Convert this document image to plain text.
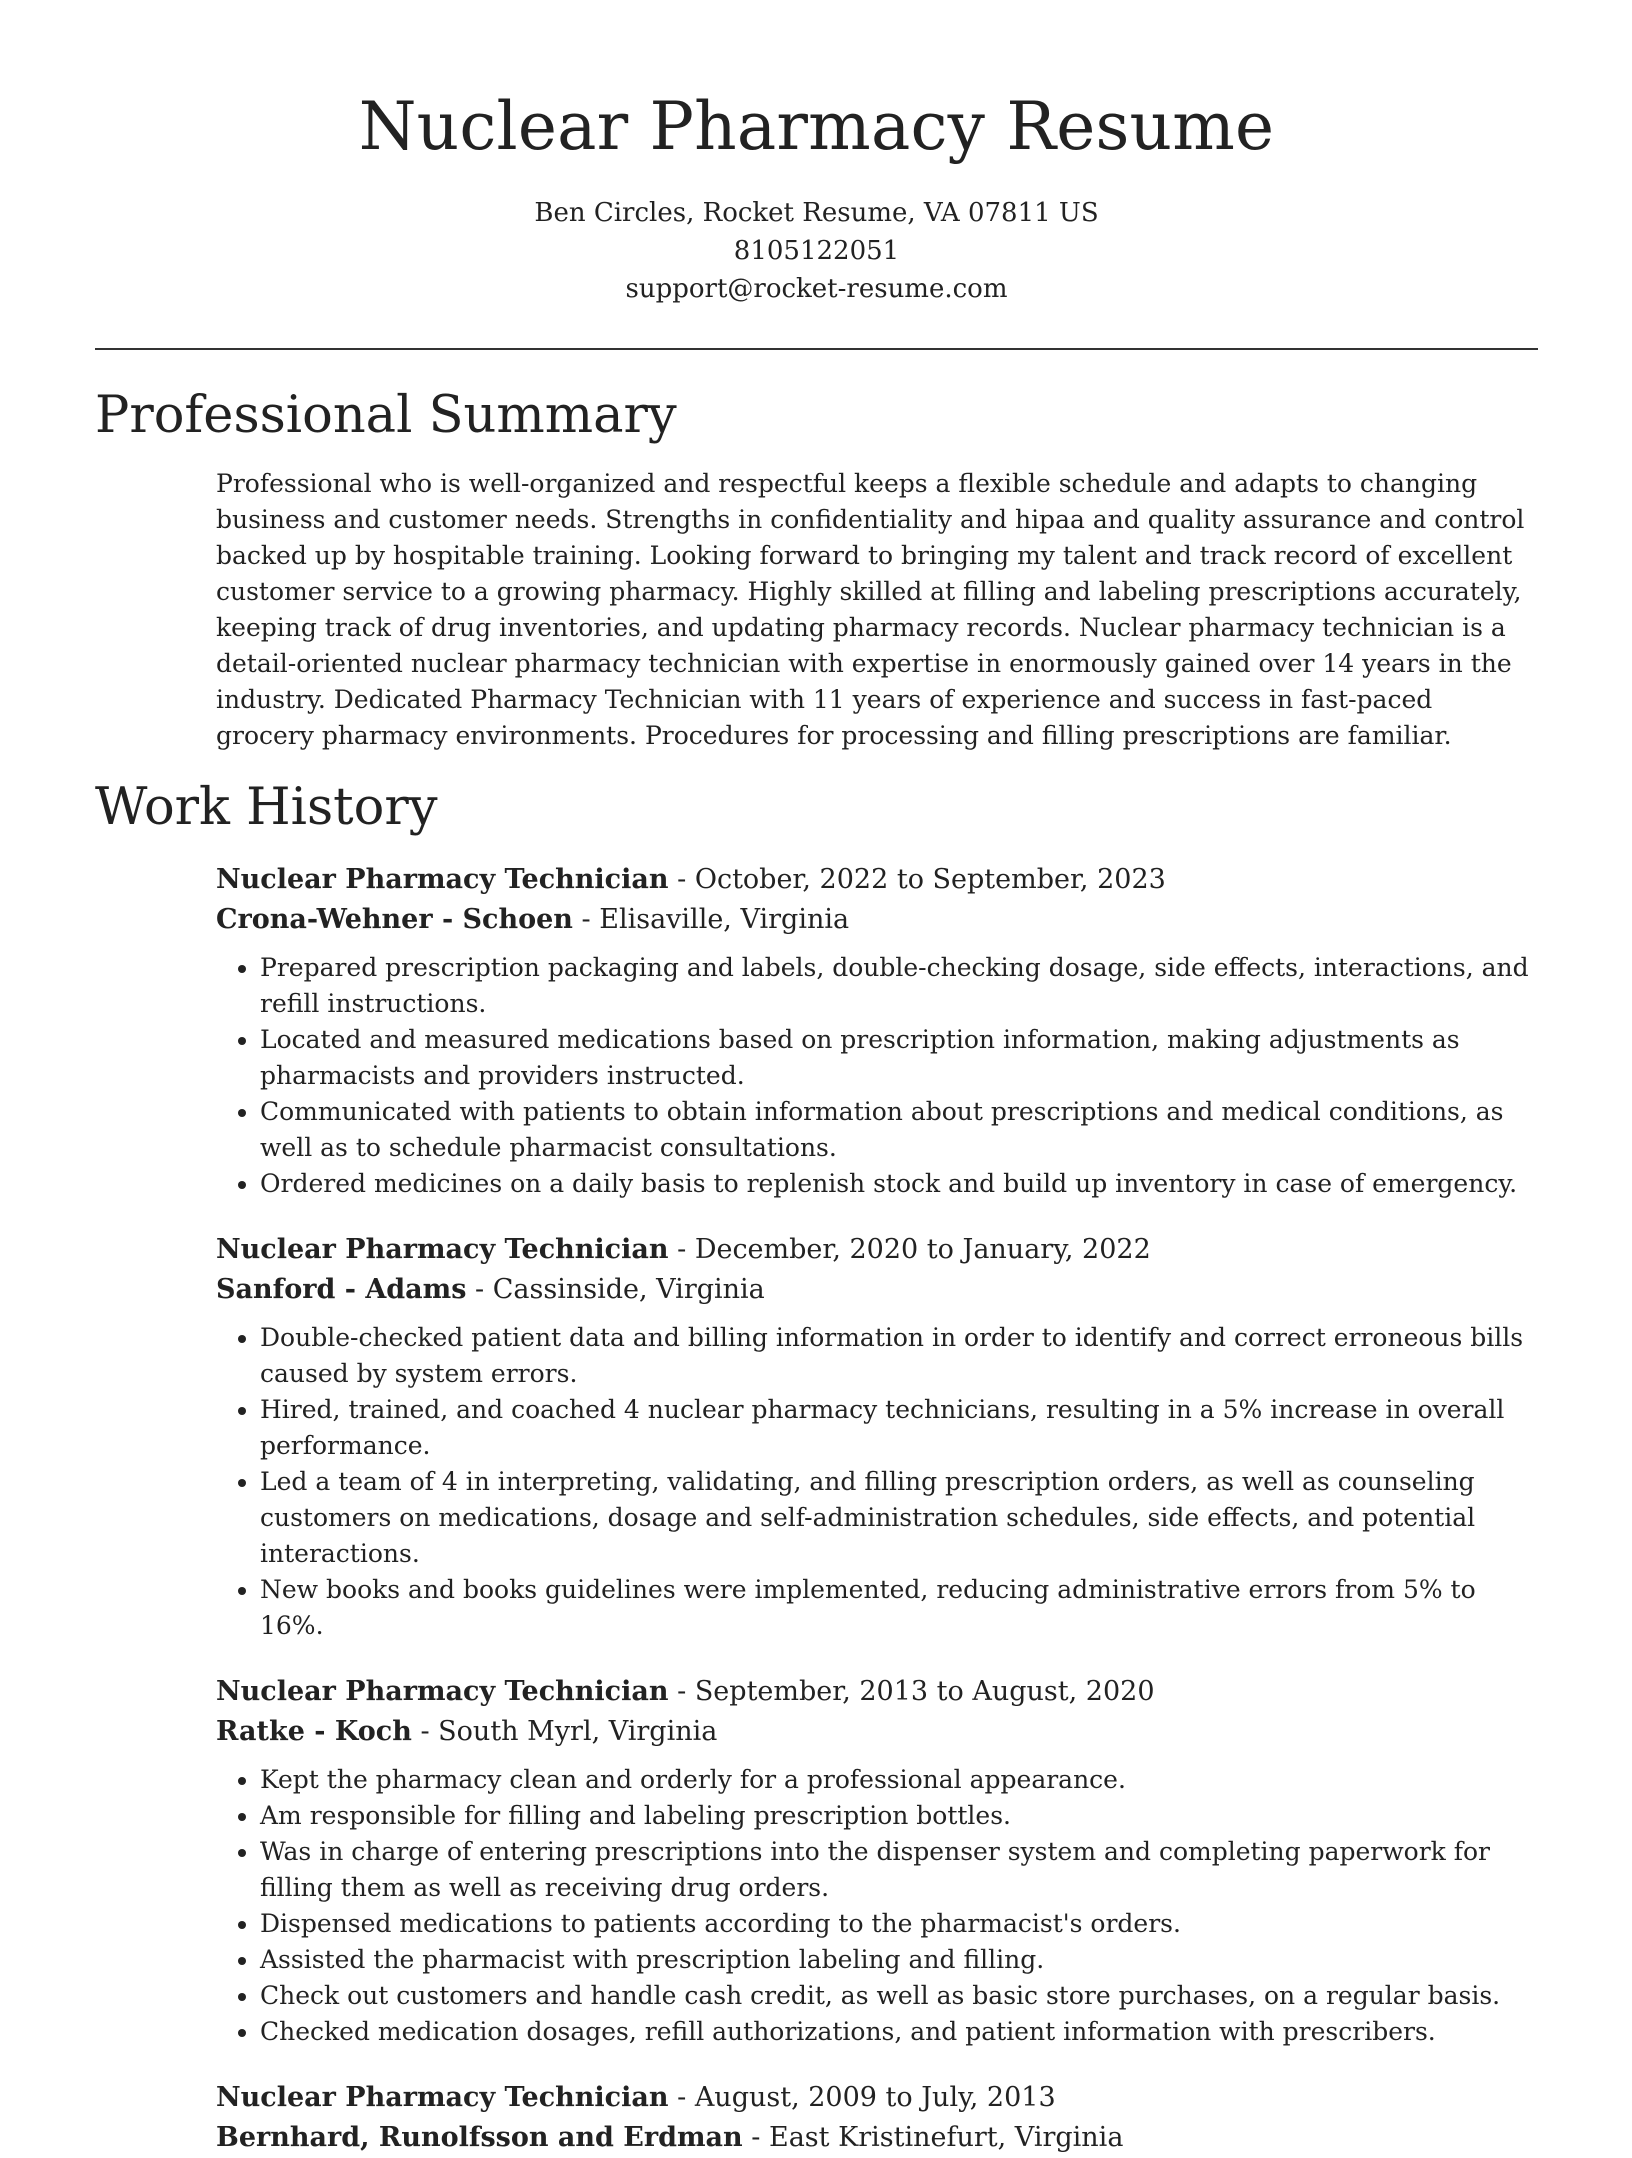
Nuclear Pharmacy Resume

Ben Circles, Rocket Resume, VA 07811 US

8105122051

support@rocket-resume.com

Professional Summary

Professional who is well-organized and respectful keeps a flexible schedule and adapts to changing business and customer needs. Strengths in confidentiality and hipaa and quality assurance and control backed up by hospitable training. Looking forward to bringing my talent and track record of excellent customer service to a growing pharmacy. Highly skilled at filling and labeling prescriptions accurately, keeping track of drug inventories, and updating pharmacy records. Nuclear pharmacy technician is a detail-oriented nuclear pharmacy technician with expertise in enormously gained over 14 years in the industry. Dedicated Pharmacy Technician with 11 years of experience and success in fast-paced grocery pharmacy environments. Procedures for processing and filling prescriptions are familiar.

Work History

Nuclear Pharmacy Technician - October, 2022 to September, 2023

Crona-Wehner - Schoen - Elisaville, Virginia

• Prepared prescription packaging and labels, double-checking dosage, side effects, interactions, and refill instructions.
• Located and measured medications based on prescription information, making adjustments as pharmacists and providers instructed.
• Communicated with patients to obtain information about prescriptions and medical conditions, as well as to schedule pharmacist consultations.
• Ordered medicines on a daily basis to replenish stock and build up inventory in case of emergency.

Nuclear Pharmacy Technician - December, 2020 to January, 2022

Sanford - Adams - Cassinside, Virginia

• Double-checked patient data and billing information in order to identify and correct erroneous bills caused by system errors.
• Hired, trained, and coached 4 nuclear pharmacy technicians, resulting in a 5% increase in overall performance.
• Led a team of 4 in interpreting, validating, and filling prescription orders, as well as counseling customers on medications, dosage and self-administration schedules, side effects, and potential interactions.
• New books and books guidelines were implemented, reducing administrative errors from 5% to 16%.

Nuclear Pharmacy Technician - September, 2013 to August, 2020

Ratke - Koch - South Myrl, Virginia

• Kept the pharmacy clean and orderly for a professional appearance.
• Am responsible for filling and labeling prescription bottles.
• Was in charge of entering prescriptions into the dispenser system and completing paperwork for filling them as well as receiving drug orders.
• Dispensed medications to patients according to the pharmacist's orders.
• Assisted the pharmacist with prescription labeling and filling.
• Check out customers and handle cash credit, as well as basic store purchases, on a regular basis.
• Checked medication dosages, refill authorizations, and patient information with prescribers.

Nuclear Pharmacy Technician - August, 2009 to July, 2013

Bernhard, Runolfsson and Erdman - East Kristinefurt, Virginia
